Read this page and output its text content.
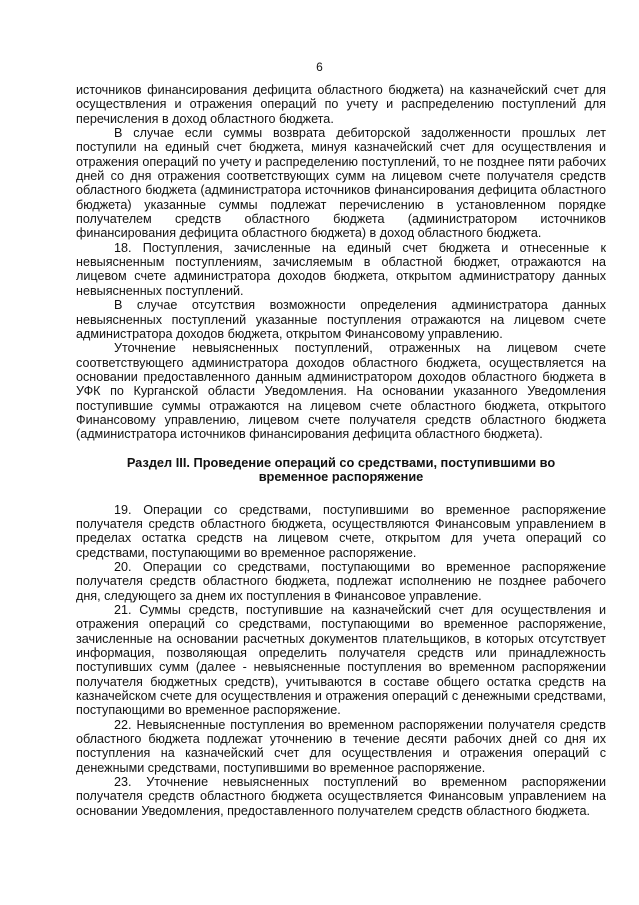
6

источников финансирования дефицита областного бюджета) на казначейский счет для осуществления и отражения операций по учету и распределению поступлений для перечисления в доход областного бюджета.

В случае если суммы возврата дебиторской задолженности прошлых лет поступили на единый счет бюджета, минуя казначейский счет для осуществления и отражения операций по учету и распределению поступлений, то не позднее пяти рабочих дней со дня отражения соответствующих сумм на лицевом счете получателя средств областного бюджета (администратора источников финансирования дефицита областного бюджета) указанные суммы подлежат перечислению в установленном порядке получателем средств областного бюджета (администратором источников финансирования дефицита областного бюджета) в доход областного бюджета.

18. Поступления, зачисленные на единый счет бюджета и отнесенные к невыясненным поступлениям, зачисляемым в областной бюджет, отражаются на лицевом счете администратора доходов бюджета, открытом администратору данных невыясненных поступлений.

В случае отсутствия возможности определения администратора данных невыясненных поступлений указанные поступления отражаются на лицевом счете администратора доходов бюджета, открытом Финансовому управлению.

Уточнение невыясненных поступлений, отраженных на лицевом счете соответствующего администратора доходов областного бюджета, осуществляется на основании предоставленного данным администратором доходов областного бюджета в УФК по Курганской области Уведомления. На основании указанного Уведомления поступившие суммы отражаются на лицевом счете областного бюджета, открытого Финансовому управлению, лицевом счете получателя средств областного бюджета (администратора источников финансирования дефицита областного бюджета).

Раздел III. Проведение операций со средствами, поступившими во временное распоряжение

19. Операции со средствами, поступившими во временное распоряжение получателя средств областного бюджета, осуществляются Финансовым управлением в пределах остатка средств на лицевом счете, открытом для учета операций со средствами, поступающими во временное распоряжение.

20. Операции со средствами, поступающими во временное распоряжение получателя средств областного бюджета, подлежат исполнению не позднее рабочего дня, следующего за днем их поступления в Финансовое управление.

21. Суммы средств, поступившие на казначейский счет для осуществления и отражения операций со средствами, поступающими во временное распоряжение, зачисленные на основании расчетных документов плательщиков, в которых отсутствует информация, позволяющая определить получателя средств или принадлежность поступивших сумм (далее - невыясненные поступления во временном распоряжении получателя бюджетных средств), учитываются в составе общего остатка средств на казначейском счете для осуществления и отражения операций с денежными средствами, поступающими во временное распоряжение.

22. Невыясненные поступления во временном распоряжении получателя средств областного бюджета подлежат уточнению в течение десяти рабочих дней со дня их поступления на казначейский счет для осуществления и отражения операций с денежными средствами, поступившими во временное распоряжение.

23. Уточнение невыясненных поступлений во временном распоряжении получателя средств областного бюджета осуществляется Финансовым управлением на основании Уведомления, предоставленного получателем средств областного бюджета.
